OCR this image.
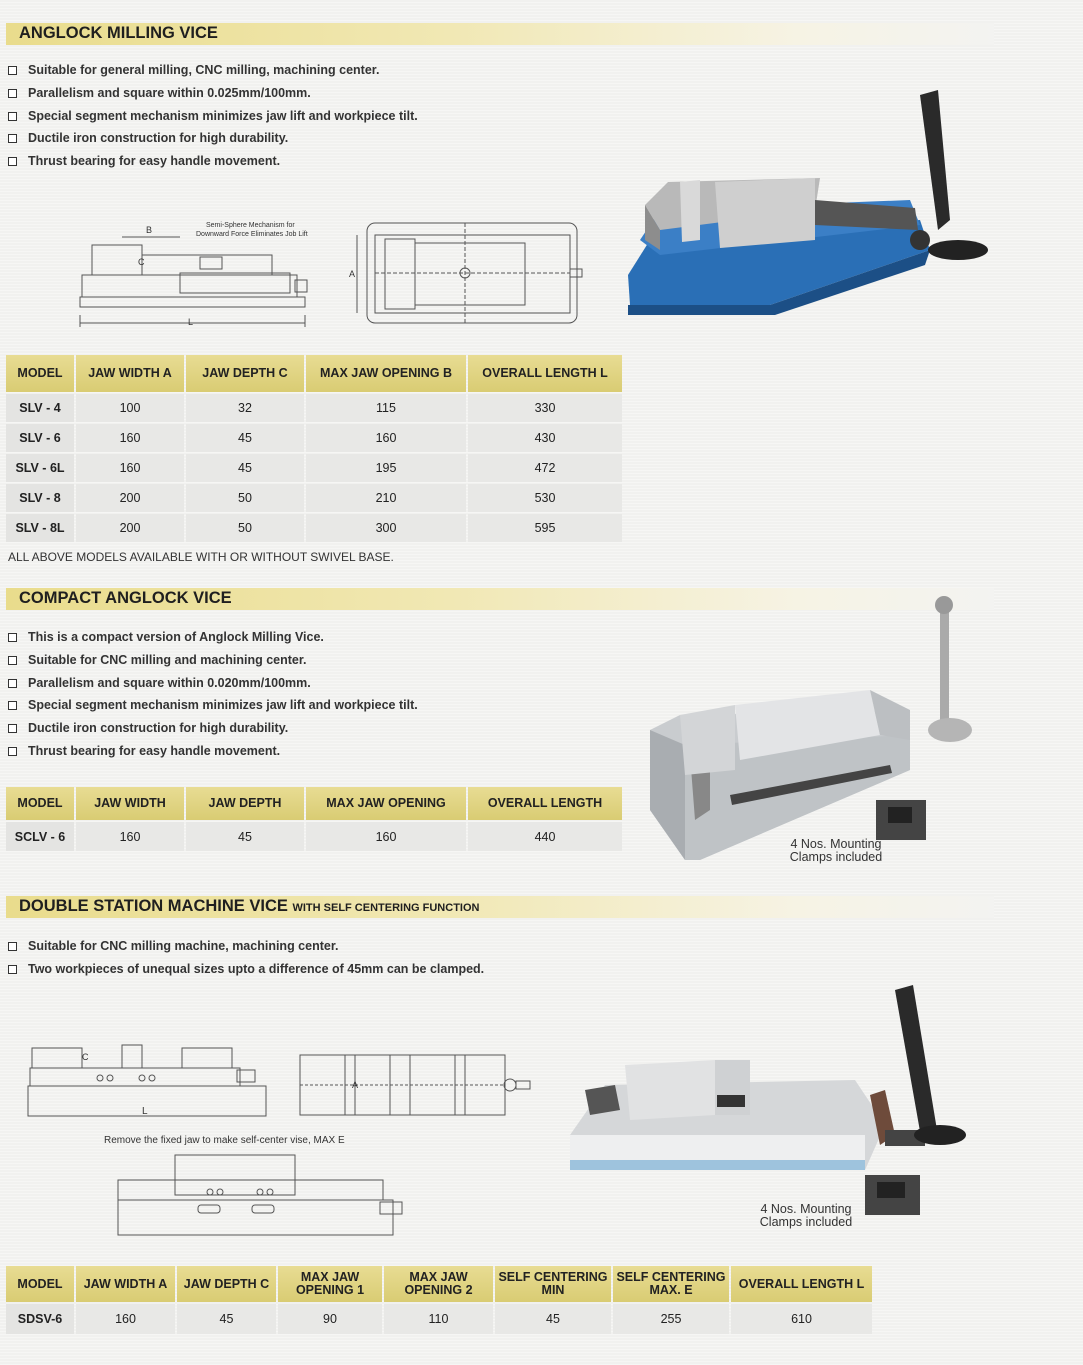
ANGLOCK MILLING VICE
Suitable for general milling, CNC milling, machining center.
Parallelism and square within 0.025mm/100mm.
Special segment mechanism minimizes jaw lift and workpiece tilt.
Ductile iron construction for high durability.
Thrust bearing for easy handle movement.
B
C
L
Semi-Sphere Mechanism for
Downward Force Eliminates Job Lift
A
MODEL	JAW WIDTH A	JAW DEPTH C	MAX JAW OPENING B	OVERALL LENGTH L
SLV - 4	100	32	115	330
SLV - 6	160	45	160	430
SLV - 6L	160	45	195	472
SLV - 8	200	50	210	530
SLV - 8L	200	50	300	595
ALL ABOVE MODELS AVAILABLE WITH OR WITHOUT SWIVEL BASE.
COMPACT ANGLOCK VICE
This is a compact version of Anglock Milling Vice.
Suitable for CNC milling and machining center.
Parallelism and square within 0.020mm/100mm.
Special segment mechanism minimizes jaw lift and workpiece tilt.
Ductile iron construction for high durability.
Thrust bearing for easy handle movement.
4 Nos. Mounting
Clamps included
MODEL	JAW WIDTH	JAW DEPTH	MAX JAW OPENING	OVERALL LENGTH
SCLV - 6	160	45	160	440
DOUBLE STATION MACHINE VICE WITH SELF CENTERING FUNCTION
Suitable for CNC milling machine, machining center.
Two workpieces of unequal sizes upto a difference of 45mm can be clamped.
C
L
A
Remove the fixed jaw to make self-center vise, MAX E
4 Nos. Mounting
Clamps included
MODEL	JAW WIDTH A	JAW DEPTH C	MAX JAW OPENING 1	MAX JAW OPENING 2	SELF CENTERING MIN	SELF CENTERING MAX. E	OVERALL LENGTH L
SDSV-6	160	45	90	110	45	255	610
